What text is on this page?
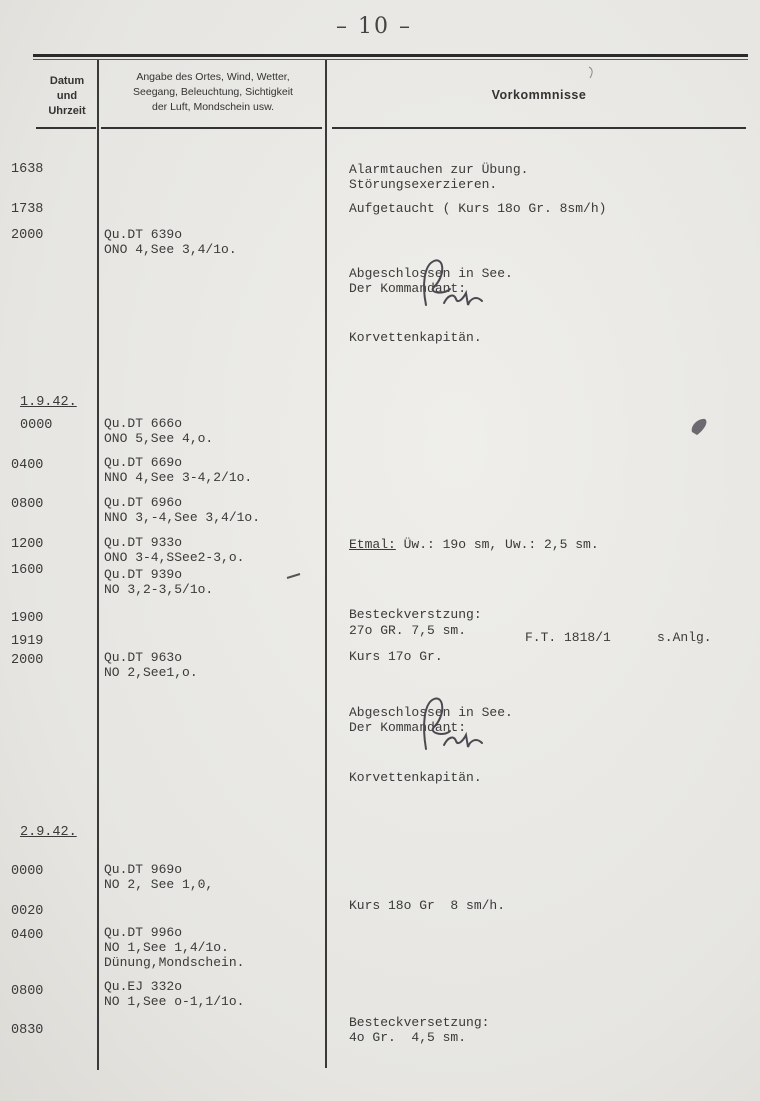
– 10 –
Datum
und
Uhrzeit
Angabe des Ortes, Wind, Wetter,
Seegang, Beleuchtung, Sichtigkeit
der Luft, Mondschein usw.
Vorkommnisse
1638
1738
2000
1.9.42.
0000
0400
0800
1200
1600
1900
1919
2000
2.9.42.
0000
0020
0400
0800
0830
Qu.DT 639o
ONO 4,See 3,4/1o.
Qu.DT 666o
ONO 5,See 4,o.
Qu.DT 669o
NNO 4,See 3-4,2/1o.
Qu.DT 696o
NNO 3,-4,See 3,4/1o.
Qu.DT 933o
ONO 3-4,SSee2-3,o.
Qu.DT 939o
NO 3,2-3,5/1o.
Qu.DT 963o
NO 2,See1,o.
Qu.DT 969o
NO 2, See 1,0,
Qu.DT 996o
NO 1,See 1,4/1o.
Dünung,Mondschein.
Qu.EJ 332o
NO 1,See o-1,1/1o.
Alarmtauchen zur Übung.
Störungsexerzieren.
Aufgetaucht ( Kurs 18o Gr. 8sm/h)
Abgeschlossen in See.
Der Kommandant:
Korvettenkapitän.
Etmal: Üw.: 19o sm, Uw.: 2,5 sm.
Besteckverstzung:
27o GR. 7,5 sm.	F.T. 1818/1	s.Anlg.
Kurs 17o Gr.
Abgeschlossen in See.
Der Kommandant:
Korvettenkapitän.
Kurs 18o Gr  8 sm/h.
Besteckversetzung:
4o Gr.  4,5 sm.
